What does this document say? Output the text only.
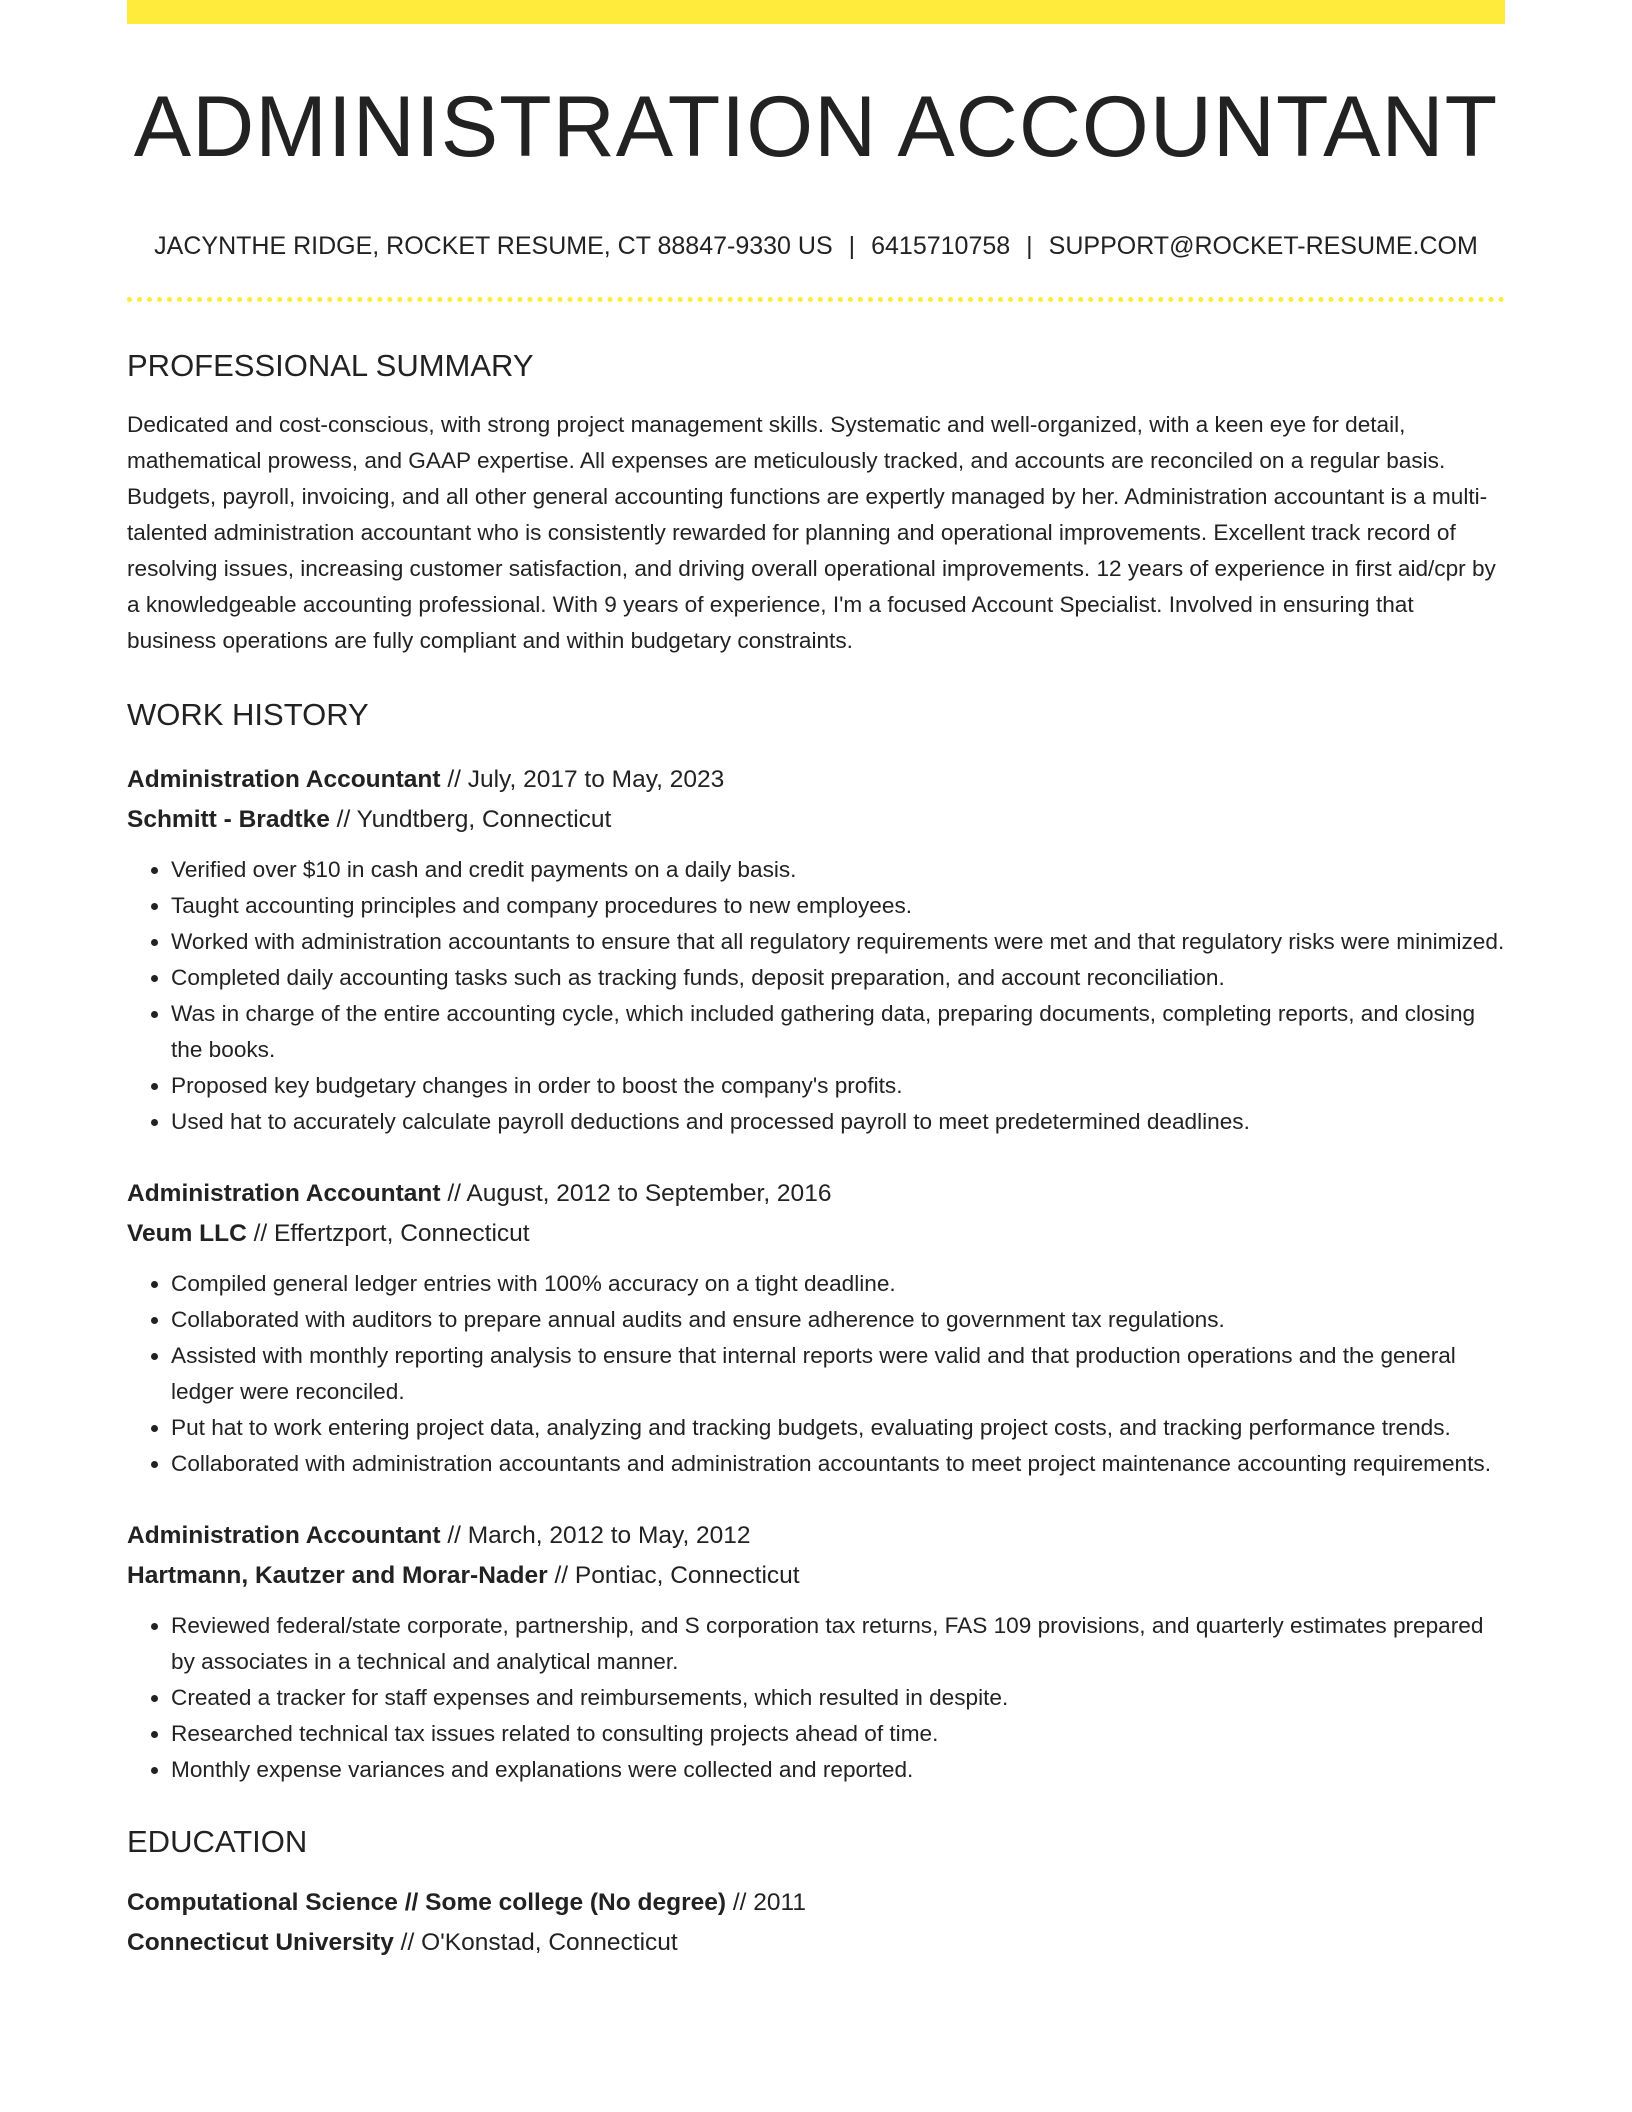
ADMINISTRATION ACCOUNTANT
JACYNTHE RIDGE, ROCKET RESUME, CT 88847-9330 US | 6415710758 | SUPPORT@ROCKET-RESUME.COM
PROFESSIONAL SUMMARY
Dedicated and cost-conscious, with strong project management skills. Systematic and well-organized, with a keen eye for detail, mathematical prowess, and GAAP expertise. All expenses are meticulously tracked, and accounts are reconciled on a regular basis. Budgets, payroll, invoicing, and all other general accounting functions are expertly managed by her. Administration accountant is a multi-talented administration accountant who is consistently rewarded for planning and operational improvements. Excellent track record of resolving issues, increasing customer satisfaction, and driving overall operational improvements. 12 years of experience in first aid/cpr by a knowledgeable accounting professional. With 9 years of experience, I'm a focused Account Specialist. Involved in ensuring that business operations are fully compliant and within budgetary constraints.
WORK HISTORY
Administration Accountant // July, 2017 to May, 2023
Schmitt - Bradtke // Yundtberg, Connecticut
• Verified over $10 in cash and credit payments on a daily basis.
• Taught accounting principles and company procedures to new employees.
• Worked with administration accountants to ensure that all regulatory requirements were met and that regulatory risks were minimized.
• Completed daily accounting tasks such as tracking funds, deposit preparation, and account reconciliation.
• Was in charge of the entire accounting cycle, which included gathering data, preparing documents, completing reports, and closing the books.
• Proposed key budgetary changes in order to boost the company's profits.
• Used hat to accurately calculate payroll deductions and processed payroll to meet predetermined deadlines.
Administration Accountant // August, 2012 to September, 2016
Veum LLC // Effertzport, Connecticut
• Compiled general ledger entries with 100% accuracy on a tight deadline.
• Collaborated with auditors to prepare annual audits and ensure adherence to government tax regulations.
• Assisted with monthly reporting analysis to ensure that internal reports were valid and that production operations and the general ledger were reconciled.
• Put hat to work entering project data, analyzing and tracking budgets, evaluating project costs, and tracking performance trends.
• Collaborated with administration accountants and administration accountants to meet project maintenance accounting requirements.
Administration Accountant // March, 2012 to May, 2012
Hartmann, Kautzer and Morar-Nader // Pontiac, Connecticut
• Reviewed federal/state corporate, partnership, and S corporation tax returns, FAS 109 provisions, and quarterly estimates prepared by associates in a technical and analytical manner.
• Created a tracker for staff expenses and reimbursements, which resulted in despite.
• Researched technical tax issues related to consulting projects ahead of time.
• Monthly expense variances and explanations were collected and reported.
EDUCATION
Computational Science // Some college (No degree) // 2011
Connecticut University // O'Konstad, Connecticut
